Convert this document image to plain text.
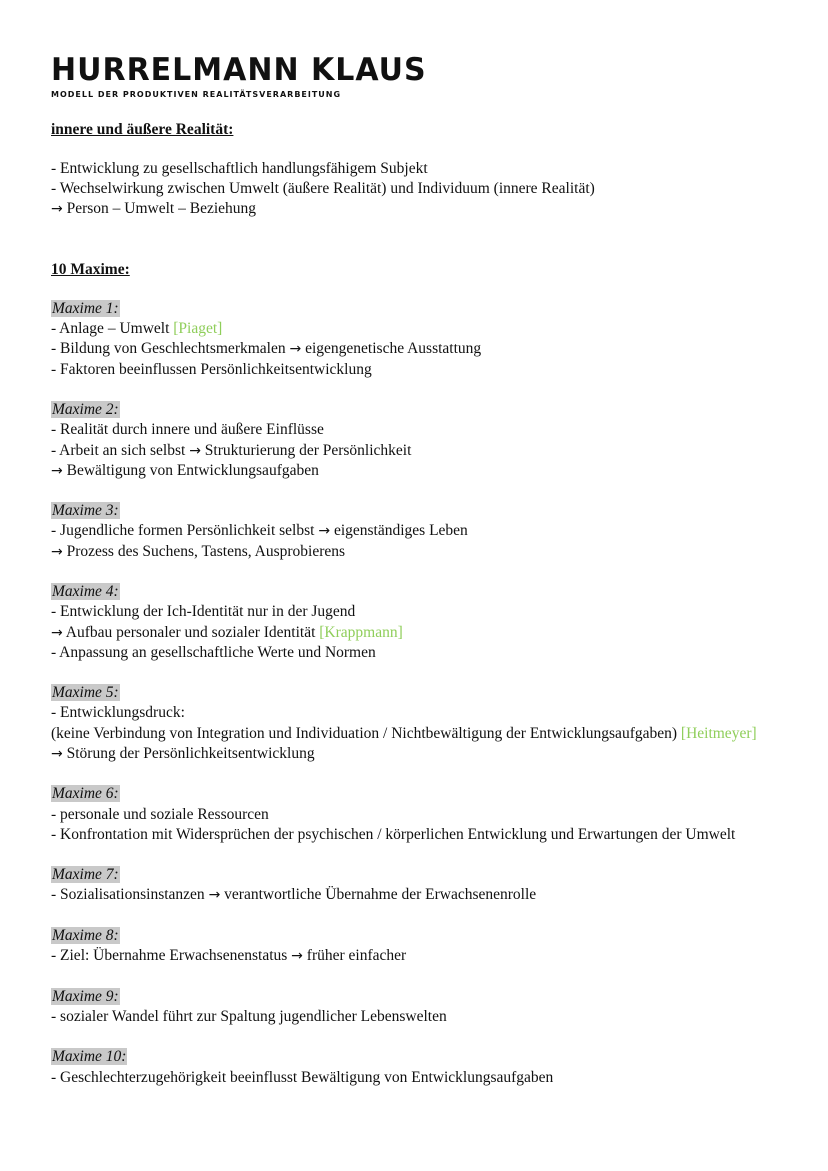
HURRELMANN KLAUS
MODELL DER PRODUKTIVEN REALITÄTSVERARBEITUNG
innere und äußere Realität:
- Entwicklung zu gesellschaftlich handlungsfähigem Subjekt
- Wechselwirkung zwischen Umwelt (äußere Realität) und Individuum (innere Realität)
→ Person – Umwelt – Beziehung
10 Maxime:
Maxime 1:
- Anlage – Umwelt [Piaget]
- Bildung von Geschlechtsmerkmalen → eigengenetische Ausstattung
- Faktoren beeinflussen Persönlichkeitsentwicklung
Maxime 2:
- Realität durch innere und äußere Einflüsse
- Arbeit an sich selbst → Strukturierung der Persönlichkeit
→ Bewältigung von Entwicklungsaufgaben
Maxime 3:
- Jugendliche formen Persönlichkeit selbst → eigenständiges Leben
→ Prozess des Suchens, Tastens, Ausprobierens
Maxime 4:
- Entwicklung der Ich-Identität nur in der Jugend
→ Aufbau personaler und sozialer Identität [Krappmann]
- Anpassung an gesellschaftliche Werte und Normen
Maxime 5:
- Entwicklungsdruck:
(keine Verbindung von Integration und Individuation / Nichtbewältigung der Entwicklungsaufgaben) [Heitmeyer]
→ Störung der Persönlichkeitsentwicklung
Maxime 6:
- personale und soziale Ressourcen
- Konfrontation mit Widersprüchen der psychischen / körperlichen Entwicklung und Erwartungen der Umwelt
Maxime 7:
- Sozialisationsinstanzen → verantwortliche Übernahme der Erwachsenenrolle
Maxime 8:
- Ziel: Übernahme Erwachsenenstatus → früher einfacher
Maxime 9:
- sozialer Wandel führt zur Spaltung jugendlicher Lebenswelten
Maxime 10:
- Geschlechterzugehörigkeit beeinflusst Bewältigung von Entwicklungsaufgaben
